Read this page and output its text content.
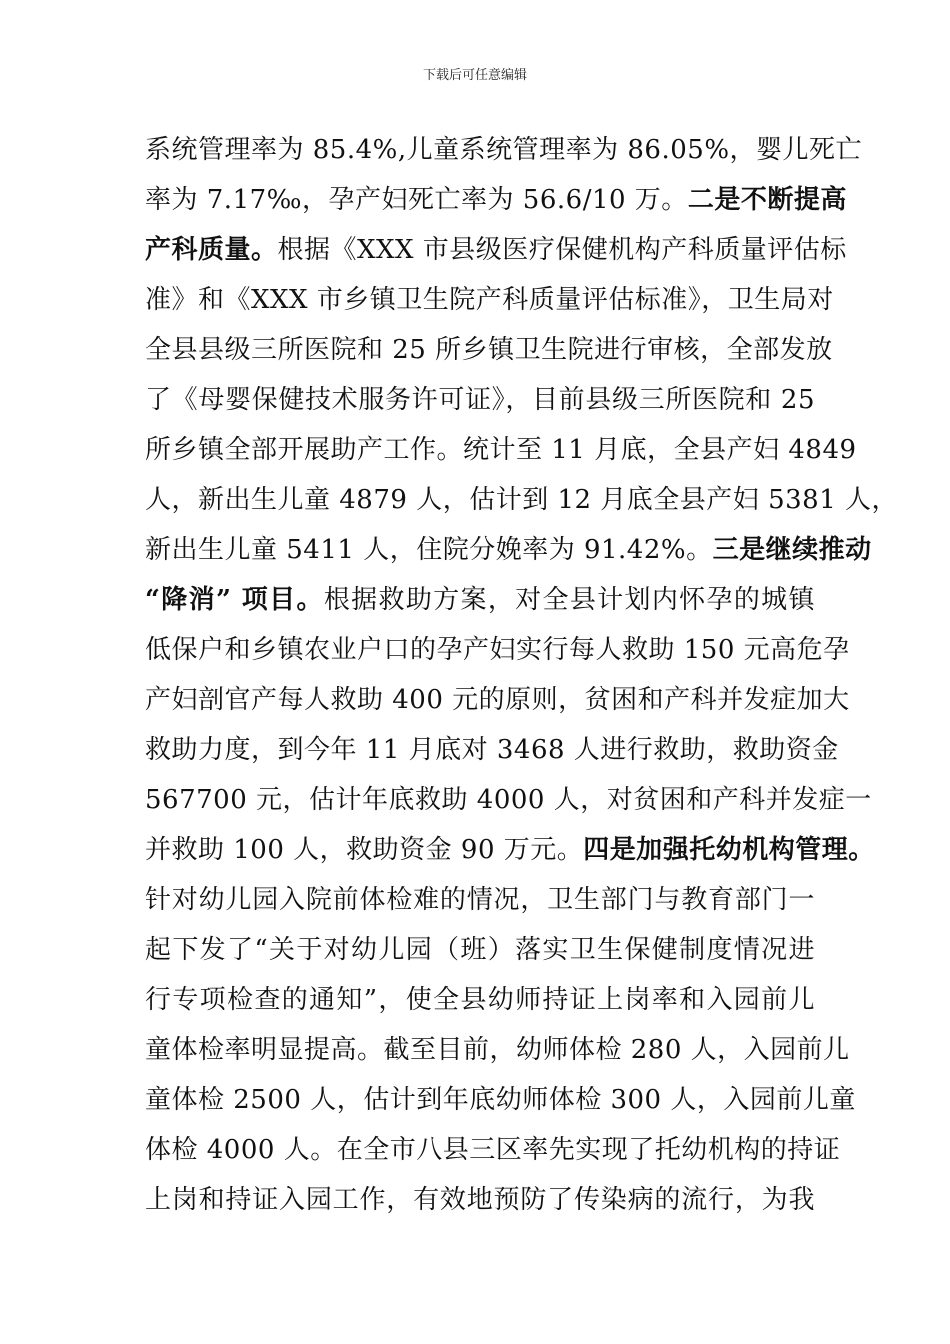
下载后可任意编辑
系统管理率为 85.4%,儿童系统管理率为 86.05%，婴儿死亡
率为 7.17‰，孕产妇死亡率为 56.6/10 万。二是不断提高
产科质量。根据《XXX 市县级医疗保健机构产科质量评估标
准》和《XXX 市乡镇卫生院产科质量评估标准》，卫生局对
全县县级三所医院和 25 所乡镇卫生院进行审核，全部发放
了《母婴保健技术服务许可证》，目前县级三所医院和 25
所乡镇全部开展助产工作。统计至 11 月底，全县产妇 4849
人，新出生儿童 4879 人，估计到 12 月底全县产妇 5381 人，
新出生儿童 5411 人，住院分娩率为 91.42%。三是继续推动
“降消” 项目。根据救助方案，对全县计划内怀孕的城镇
低保户和乡镇农业户口的孕产妇实行每人救助 150 元高危孕
产妇剖官产每人救助 400 元的原则，贫困和产科并发症加大
救助力度，到今年 11 月底对 3468 人进行救助，救助资金
567700 元，估计年底救助 4000 人，对贫困和产科并发症一
并救助 100 人，救助资金 90 万元。四是加强托幼机构管理。
针对幼儿园入院前体检难的情况，卫生部门与教育部门一
起下发了“关于对幼儿园（班）落实卫生保健制度情况进
行专项检查的通知”，使全县幼师持证上岗率和入园前儿
童体检率明显提高。截至目前，幼师体检 280 人，入园前儿
童体检 2500 人，估计到年底幼师体检 300 人，入园前儿童
体检 4000 人。在全市八县三区率先实现了托幼机构的持证
上岗和持证入园工作，有效地预防了传染病的流行，为我
